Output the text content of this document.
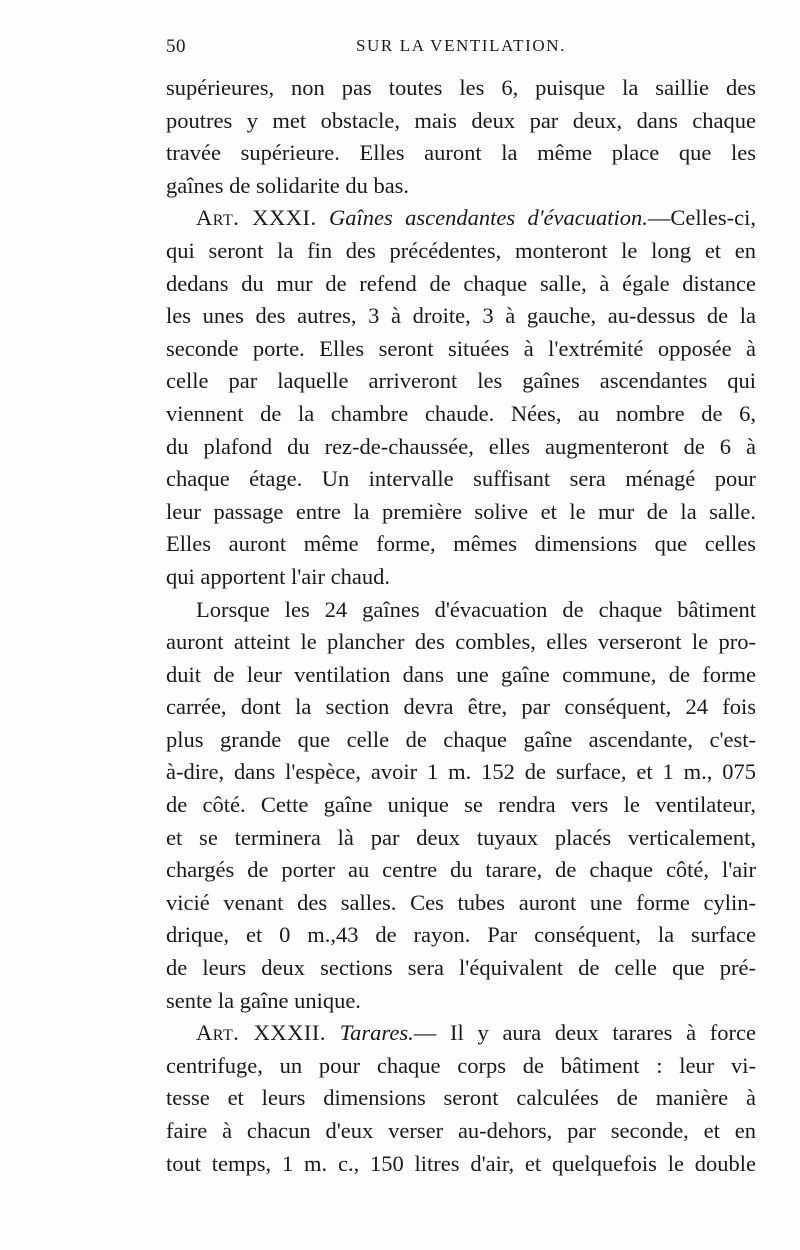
50	SUR LA VENTILATION.
supérieures, non pas toutes les 6, puisque la saillie des
poutres y met obstacle, mais deux par deux, dans chaque
travée supérieure. Elles auront la même place que les
gaînes de solidarite du bas.
Art. XXXI. Gaînes ascendantes d'évacuation.—Celles-ci,
qui seront la fin des précédentes, monteront le long et en
dedans du mur de refend de chaque salle, à égale distance
les unes des autres, 3 à droite, 3 à gauche, au-dessus de la
seconde porte. Elles seront situées à l'extrémité opposée à
celle par laquelle arriveront les gaînes ascendantes qui
viennent de la chambre chaude. Nées, au nombre de 6,
du plafond du rez-de-chaussée, elles augmenteront de 6 à
chaque étage. Un intervalle suffisant sera ménagé pour
leur passage entre la première solive et le mur de la salle.
Elles auront même forme, mêmes dimensions que celles
qui apportent l'air chaud.
Lorsque les 24 gaînes d'évacuation de chaque bâtiment
auront atteint le plancher des combles, elles verseront le pro-
duit de leur ventilation dans une gaîne commune, de forme
carrée, dont la section devra être, par conséquent, 24 fois
plus grande que celle de chaque gaîne ascendante, c'est-
à-dire, dans l'espèce, avoir 1 m. 152 de surface, et 1 m., 075
de côté. Cette gaîne unique se rendra vers le ventilateur,
et se terminera là par deux tuyaux placés verticalement,
chargés de porter au centre du tarare, de chaque côté, l'air
vicié venant des salles. Ces tubes auront une forme cylin-
drique, et 0 m.,43 de rayon. Par conséquent, la surface
de leurs deux sections sera l'équivalent de celle que pré-
sente la gaîne unique.
Art. XXXII. Tarares.— Il y aura deux tarares à force
centrifuge, un pour chaque corps de bâtiment : leur vi-
tesse et leurs dimensions seront calculées de manière à
faire à chacun d'eux verser au-dehors, par seconde, et en
tout temps, 1 m. c., 150 litres d'air, et quelquefois le double
